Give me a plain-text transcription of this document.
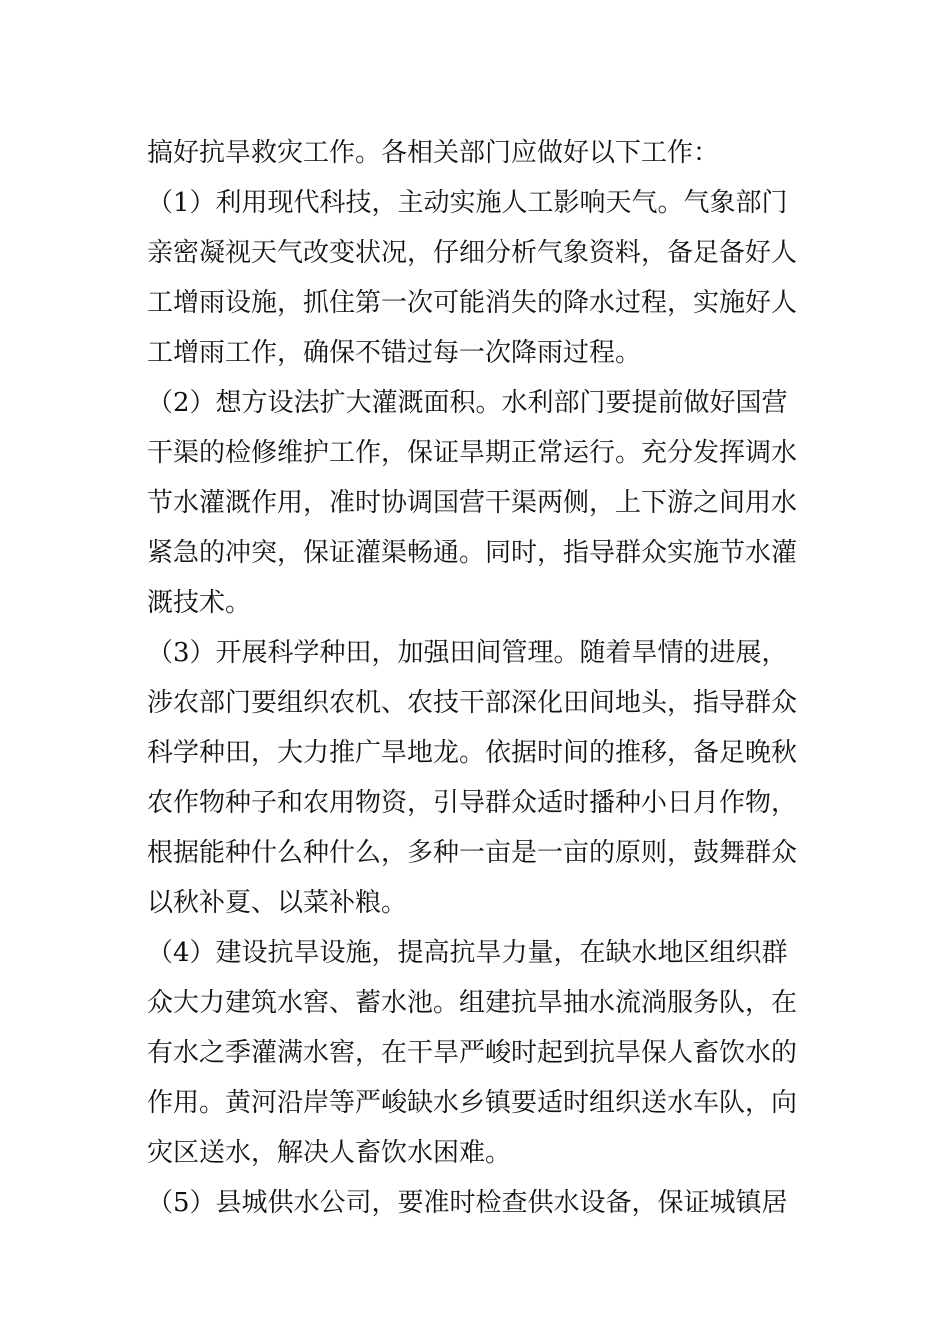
搞好抗旱救灾工作。各相关部门应做好以下工作：
（1）利用现代科技，主动实施人工影响天气。气象部门
亲密凝视天气改变状况，仔细分析气象资料，备足备好人
工增雨设施，抓住第一次可能消失的降水过程，实施好人
工增雨工作，确保不错过每一次降雨过程。
（2）想方设法扩大灌溉面积。水利部门要提前做好国营
干渠的检修维护工作，保证旱期正常运行。充分发挥调水
节水灌溉作用，准时协调国营干渠两侧，上下游之间用水
紧急的冲突，保证灌渠畅通。同时，指导群众实施节水灌
溉技术。
（3）开展科学种田，加强田间管理。随着旱情的进展，
涉农部门要组织农机、农技干部深化田间地头，指导群众
科学种田，大力推广旱地龙。依据时间的推移，备足晚秋
农作物种子和农用物资，引导群众适时播种小日月作物，
根据能种什么种什么，多种一亩是一亩的原则，鼓舞群众
以秋补夏、以菜补粮。
（4）建设抗旱设施，提高抗旱力量，在缺水地区组织群
众大力建筑水窖、蓄水池。组建抗旱抽水流淌服务队，在
有水之季灌满水窖，在干旱严峻时起到抗旱保人畜饮水的
作用。黄河沿岸等严峻缺水乡镇要适时组织送水车队，向
灾区送水，解决人畜饮水困难。
（5）县城供水公司，要准时检查供水设备，保证城镇居
